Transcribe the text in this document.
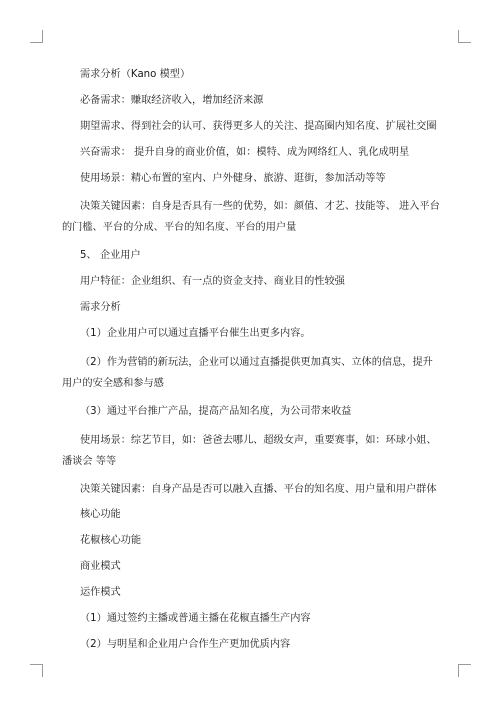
需求分析（Kano 模型）
必备需求：赚取经济收入，增加经济来源
期望需求、得到社会的认可、获得更多人的关注、提高圈内知名度、扩展社交圈
兴奋需求： 提升自身的商业价值，如：模特、成为网络红人、乳化成明星
使用场景：精心布置的室内、户外健身、旅游、逛街，参加活动等等
决策关键因素：自身是否具有一些的优势，如：颜值、才艺、技能等、 进入平台的门槛、平台的分成、平台的知名度、平台的用户量
5、 企业用户
用户特征：企业组织、有一点的资金支持、商业目的性较强
需求分析
（1）企业用户可以通过直播平台催生出更多内容。
（2）作为营销的新玩法，企业可以通过直播提供更加真实、立体的信息，提升用户的安全感和参与感
（3）通过平台推广产品，提高产品知名度，为公司带来收益
使用场景：综艺节目，如：爸爸去哪儿、超级女声，重要赛事，如：环球小姐、潘谈会 等等
决策关键因素：自身产品是否可以融入直播、平台的知名度、用户量和用户群体
核心功能
花椒核心功能
商业模式
运作模式
（1）通过签约主播或普通主播在花椒直播生产内容
（2）与明星和企业用户合作生产更加优质内容
